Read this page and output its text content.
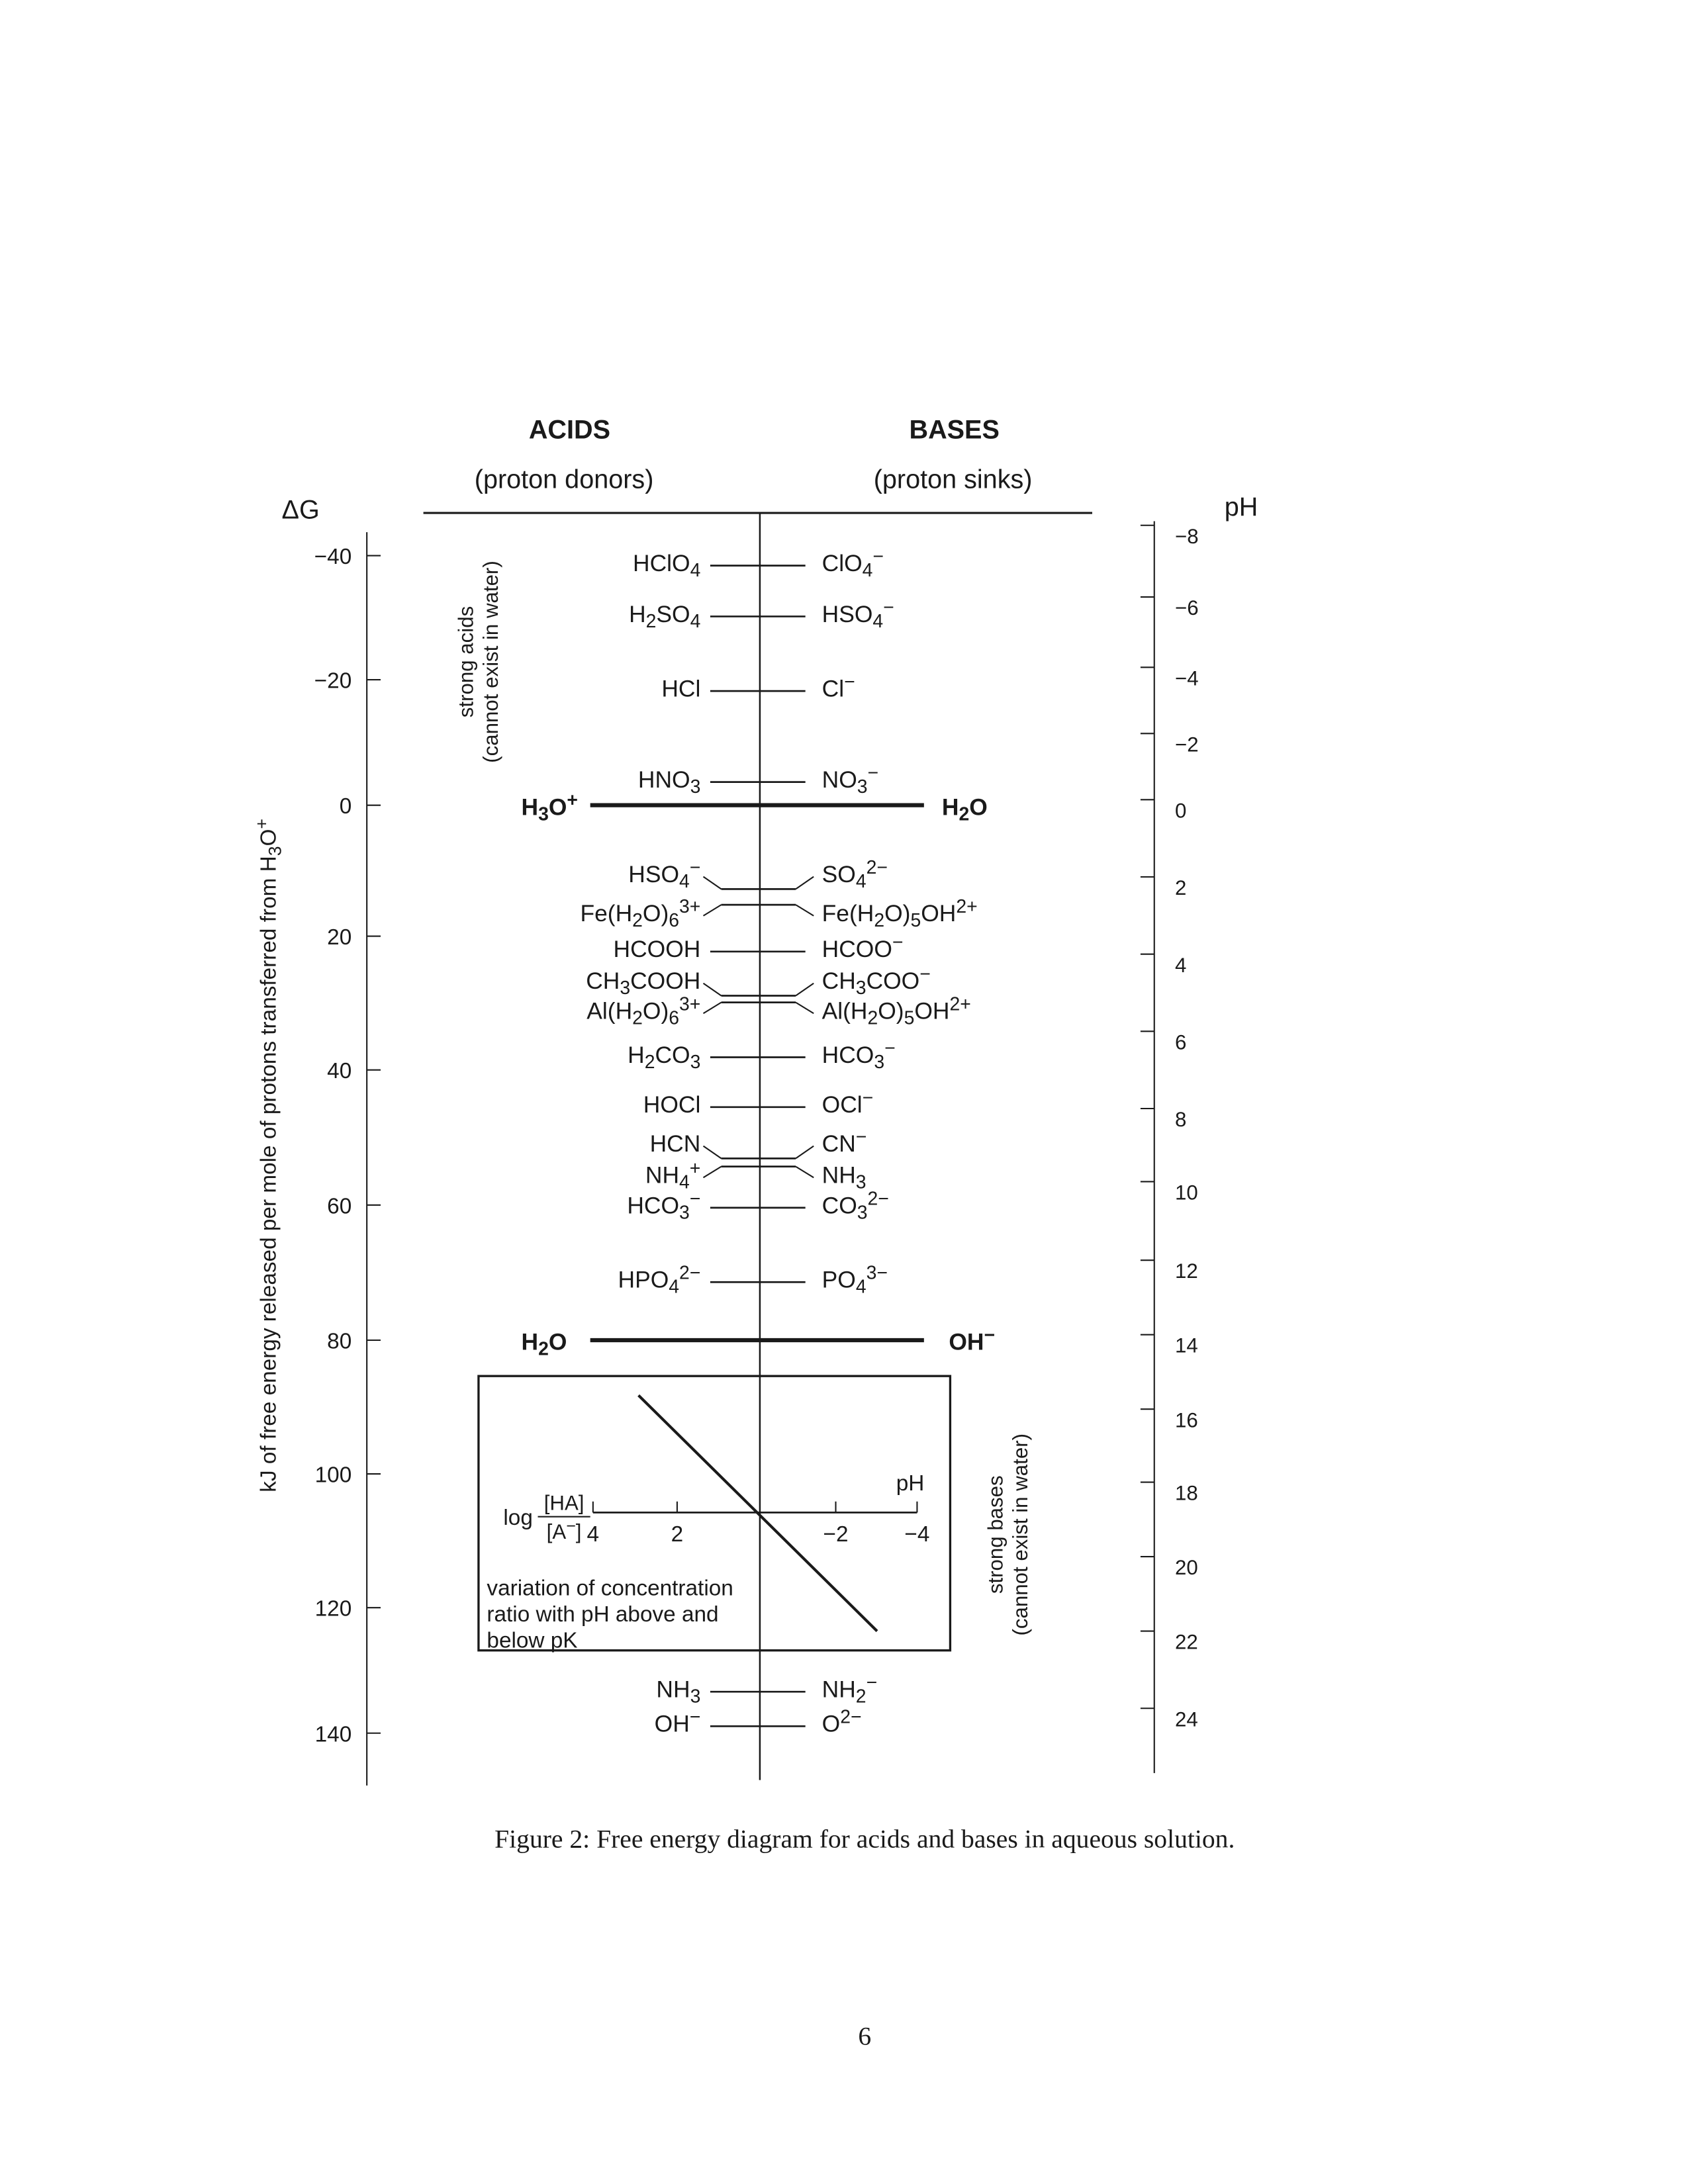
ACIDS	BASES
(proton donors)	(proton sinks)
ΔG
−40
−20
0
20
40
60
80
100
120
140
kJ of free energy released per mole of protons transferred from H3O+
pH
−8
−6
−4
−2
0
2
4
6
8
10
12
14
16
18
20
22
24
strong acids (cannot exist in water)
strong bases (cannot exist in water)
HClO4	ClO4−
H2SO4	HSO4−
HCl	Cl−
HNO3	NO3−
H3O+	H2O
HSO4−	SO42−
Fe(H2O)63+	Fe(H2O)5OH2+
HCOOH	HCOO−
CH3COOH	CH3COO−
Al(H2O)63+	Al(H2O)5OH2+
H2CO3	HCO3−
HOCl	OCl−
HCN	CN−
NH4+	NH3
HCO3−	CO32−
HPO42−	PO43−
H2O	OH−
NH3	NH2−
OH−	O2−
4	2	−2	−4
pH
log
[HA]
[A−]
variation of concentration
ratio with pH above and
below pK
Figure 2: Free energy diagram for acids and bases in aqueous solution.
6
